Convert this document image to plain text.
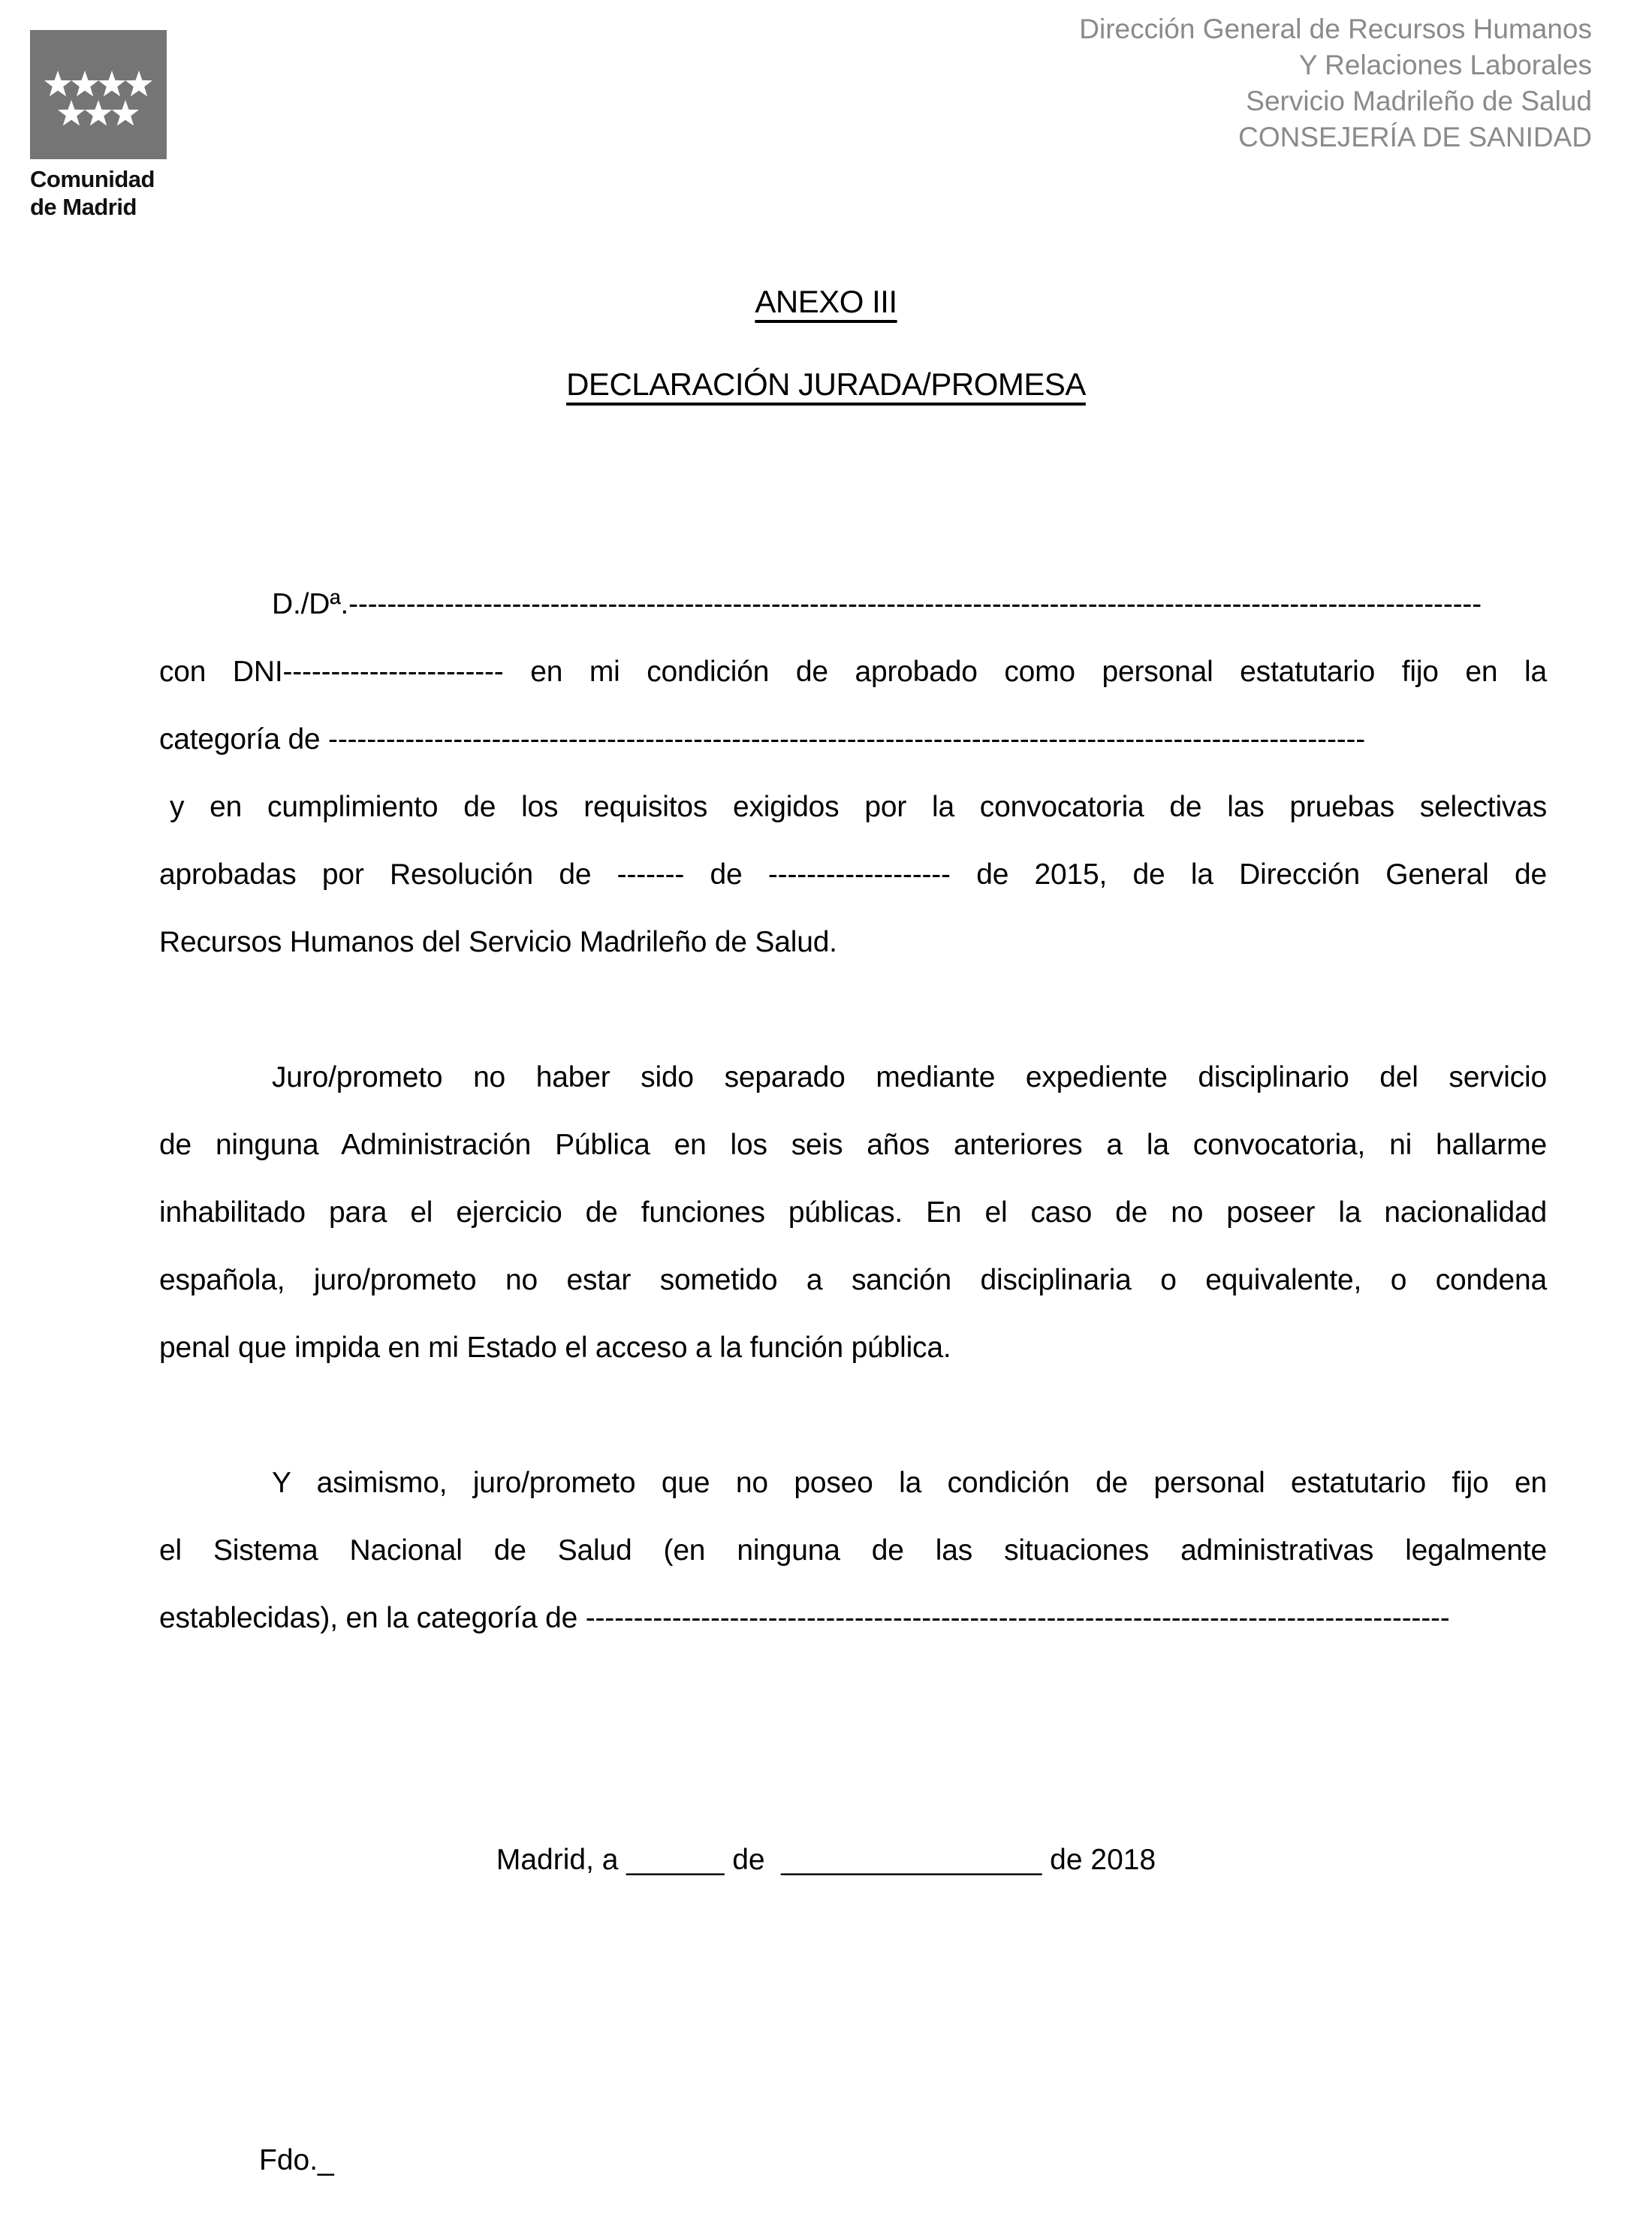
Comunidad
de Madrid
Dirección General de Recursos Humanos
Y Relaciones Laborales
Servicio Madrileño de Salud
CONSEJERÍA DE SANIDAD
ANEXO III
DECLARACIÓN JURADA/PROMESA
D./Dª.----------------------------------------------------------------------------------------------------------------------
con DNI----------------------- en mi condición de aprobado como personal estatutario fijo en la
categoría de ------------------------------------------------------------------------------------------------------------
y en cumplimiento de los requisitos exigidos por la convocatoria de las pruebas selectivas
aprobadas por Resolución de ------- de ------------------- de 2015, de la Dirección General de
Recursos Humanos del Servicio Madrileño de Salud.
Juro/prometo no haber sido separado mediante expediente disciplinario del servicio
de ninguna Administración Pública en los seis años anteriores a la convocatoria, ni hallarme
inhabilitado para el ejercicio de funciones públicas. En el caso de no poseer la nacionalidad
española, juro/prometo no estar sometido a sanción disciplinaria o equivalente, o condena
penal que impida en mi Estado el acceso a la función pública.
Y asimismo, juro/prometo que no poseo la condición de personal estatutario fijo en
el Sistema Nacional de Salud (en ninguna de las situaciones administrativas legalmente
establecidas), en la categoría de ------------------------------------------------------------------------------------------
Madrid, a ______ de  ________________ de 2018
Fdo._
